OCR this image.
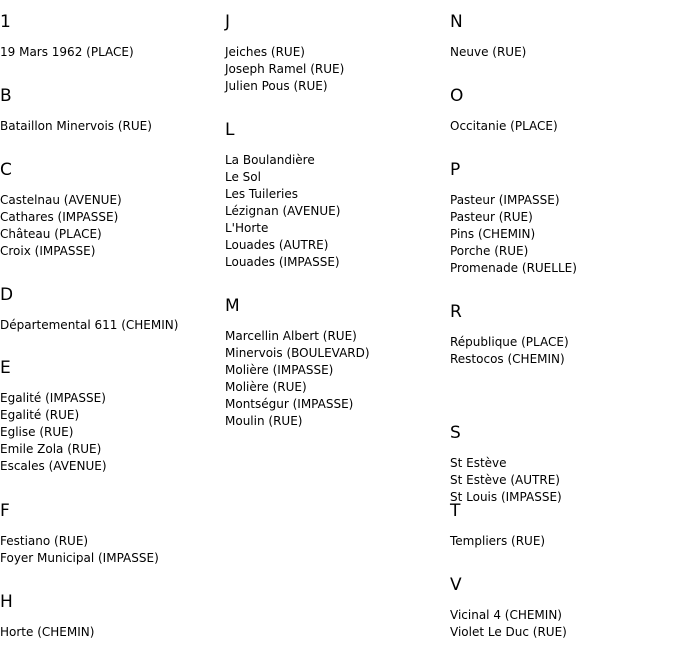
1
19 Mars 1962 (PLACE)
B
Bataillon Minervois (RUE)
C
Castelnau (AVENUE)
Cathares (IMPASSE)
Château (PLACE)
Croix (IMPASSE)
D
Départemental 611 (CHEMIN)
E
Egalité (IMPASSE)
Egalité (RUE)
Eglise (RUE)
Emile Zola (RUE)
Escales (AVENUE)
F
Festiano (RUE)
Foyer Municipal (IMPASSE)
H
Horte (CHEMIN)
J
Jeiches (RUE)
Joseph Ramel (RUE)
Julien Pous (RUE)
L
La Boulandière
Le Sol
Les Tuileries
Lézignan (AVENUE)
L'Horte
Louades (AUTRE)
Louades (IMPASSE)
M
Marcellin Albert (RUE)
Minervois (BOULEVARD)
Molière (IMPASSE)
Molière (RUE)
Montségur (IMPASSE)
Moulin (RUE)
N
Neuve (RUE)
O
Occitanie (PLACE)
P
Pasteur (IMPASSE)
Pasteur (RUE)
Pins (CHEMIN)
Porche (RUE)
Promenade (RUELLE)
R
République (PLACE)
Restocos (CHEMIN)
S
St Estève
St Estève (AUTRE)
St Louis (IMPASSE)
T
Templiers (RUE)
V
Vicinal 4 (CHEMIN)
Violet Le Duc (RUE)
